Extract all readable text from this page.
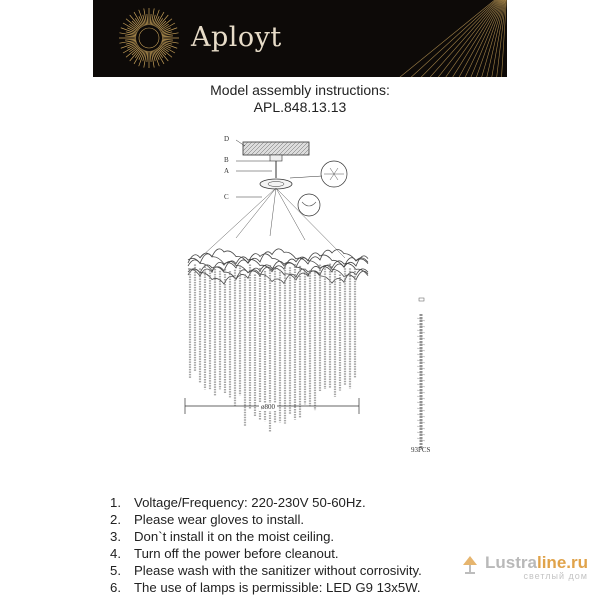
Aployt
Model assembly instructions:
APL.848.13.13
D
B
A
C
ø800
93PCS
1. Voltage/Frequency: 220-230V 50-60Hz.
2. Please wear gloves to install.
3. Don`t install it on the moist ceiling.
4. Turn off the power before cleanout.
5. Please wash with the sanitizer without corrosivity.
6. The use of lamps is permissible: LED G9 13x5W.
Lustraline.ru
светлый дом
